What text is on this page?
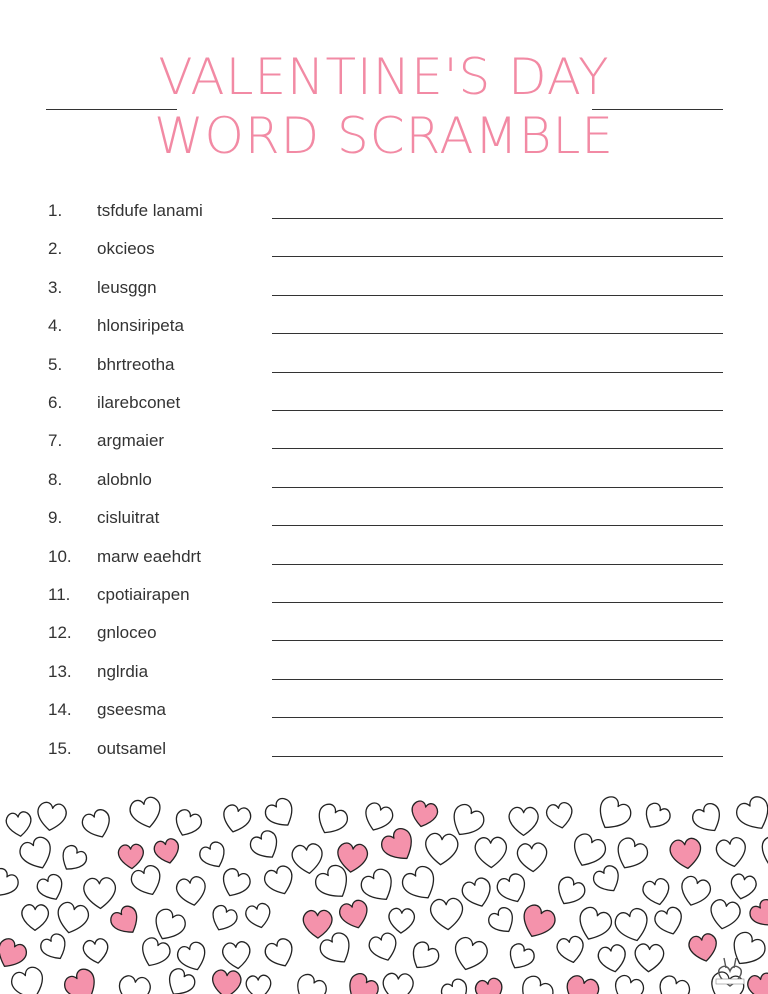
VALENTINE'S DAY
WORD SCRAMBLE
1. tsfdufe lanami
2. okcieos
3. leusggn
4. hlonsiripeta
5. bhrtreotha
6. ilarebconet
7. argmaier
8. alobnlo
9. cisluitrat
10. marw eaehdrt
11. cpotiairapen
12. gnloceo
13. nglrdia
14. gseesma
15. outsamel
